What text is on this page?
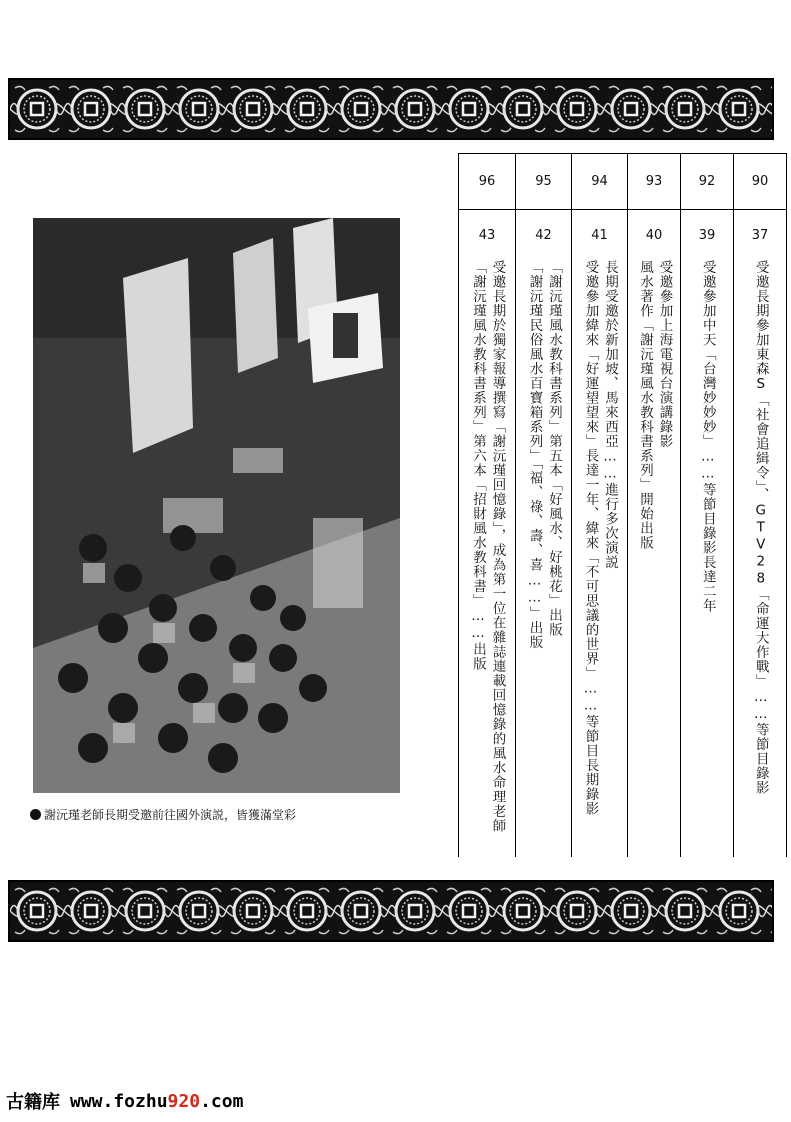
謝沅瑾老師長期受邀前往國外演説，皆獲滿堂彩
90
37
受邀長期參加東森S「社會追緝令」、GTV28「命運大作戰」……等節目錄影
92
39
受邀參加中天「台灣妙妙妙」……等節目錄影長達二年
93
40
受邀參加上海電視台演講錄影
風水著作「謝沅瑾風水教科書系列」開始出版
94
41
長期受邀於新加坡、馬來西亞……進行多次演説
受邀參加緯來「好運望望來」長達一年、緯來「不可思議的世界」……等節目長期錄影
95
42
「謝沅瑾風水教科書系列」第五本「好風水、好桃花」出版
「謝沅瑾民俗風水百寶箱系列」「福、祿、壽、喜……」出版
96
43
受邀長期於獨家報導撰寫「謝沅瑾回憶錄」，成為第一位在雜誌連載回憶錄的風水命理老師
「謝沅瑾風水教科書系列」第六本「招財風水教科書」……出版
古籍库 www.fozhu920.com
